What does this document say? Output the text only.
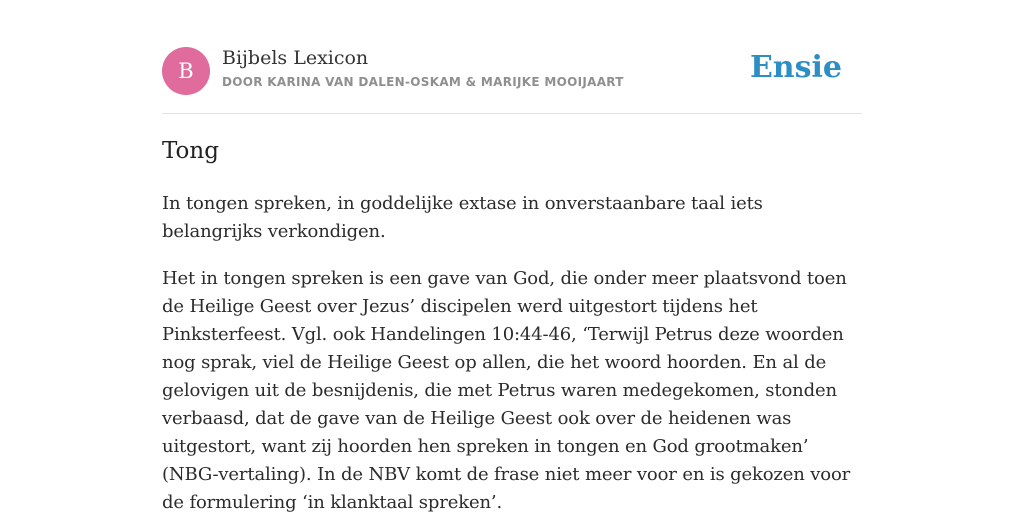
B
Bijbels Lexicon
DOOR KARINA VAN DALEN-OSKAM & MARIJKE MOOIJAART	Ensie
Tong

In tongen spreken, in goddelijke extase in onverstaanbare taal iets belangrijks verkondigen.

Het in tongen spreken is een gave van God, die onder meer plaatsvond toen de Heilige Geest over Jezus’ discipelen werd uitgestort tijdens het Pinksterfeest. Vgl. ook Handelingen 10:44-46, ‘Terwijl Petrus deze woorden nog sprak, viel de Heilige Geest op allen, die het woord hoorden. En al de gelovigen uit de besnijdenis, die met Petrus waren medegekomen, stonden verbaasd, dat de gave van de Heilige Geest ook over de heidenen was uitgestort, want zij hoorden hen spreken in tongen en God grootmaken’ (NBG-vertaling). In de NBV komt de frase niet meer voor en is gekozen voor de formulering ‘in klanktaal spreken’.
